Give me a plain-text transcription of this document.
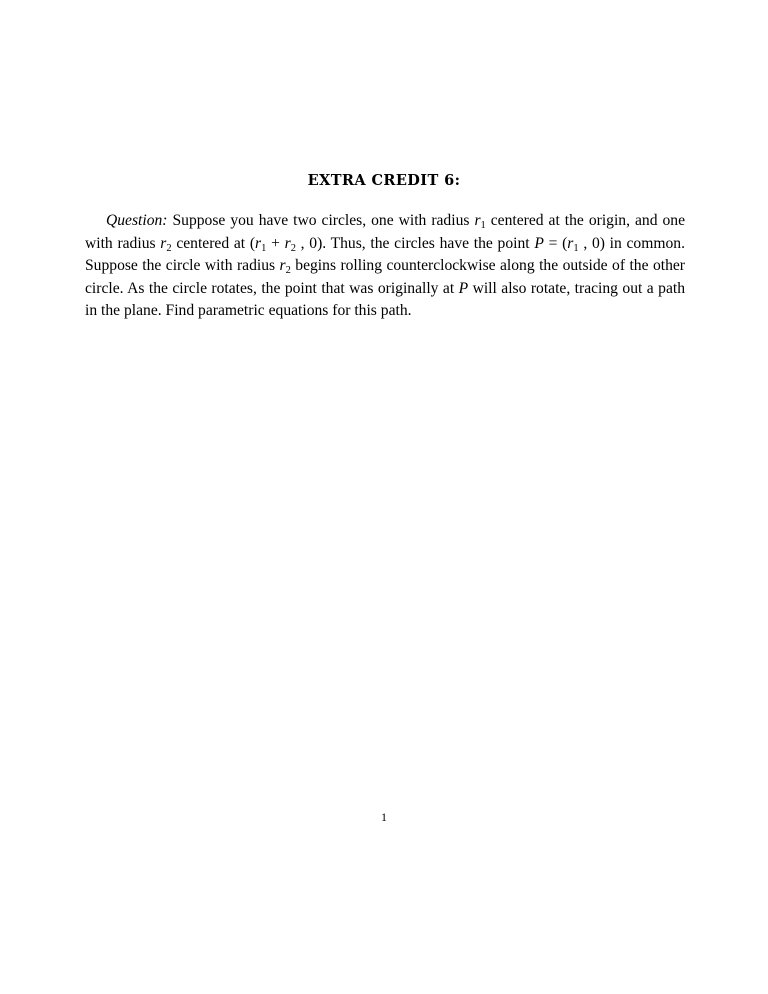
EXTRA CREDIT 6:
Question: Suppose you have two circles, one with radius $r_1$ centered at the origin, and one with radius $r_2$ centered at ($r_1 + r_2$ , 0). Thus, the circles have the point $P = (r_1$ , 0) in common. Suppose the circle with radius $r_2$ begins rolling counterclockwise along the outside of the other circle. As the circle rotates, the point that was originally at P will also rotate, tracing out a path in the plane. Find parametric equations for this path.
1
